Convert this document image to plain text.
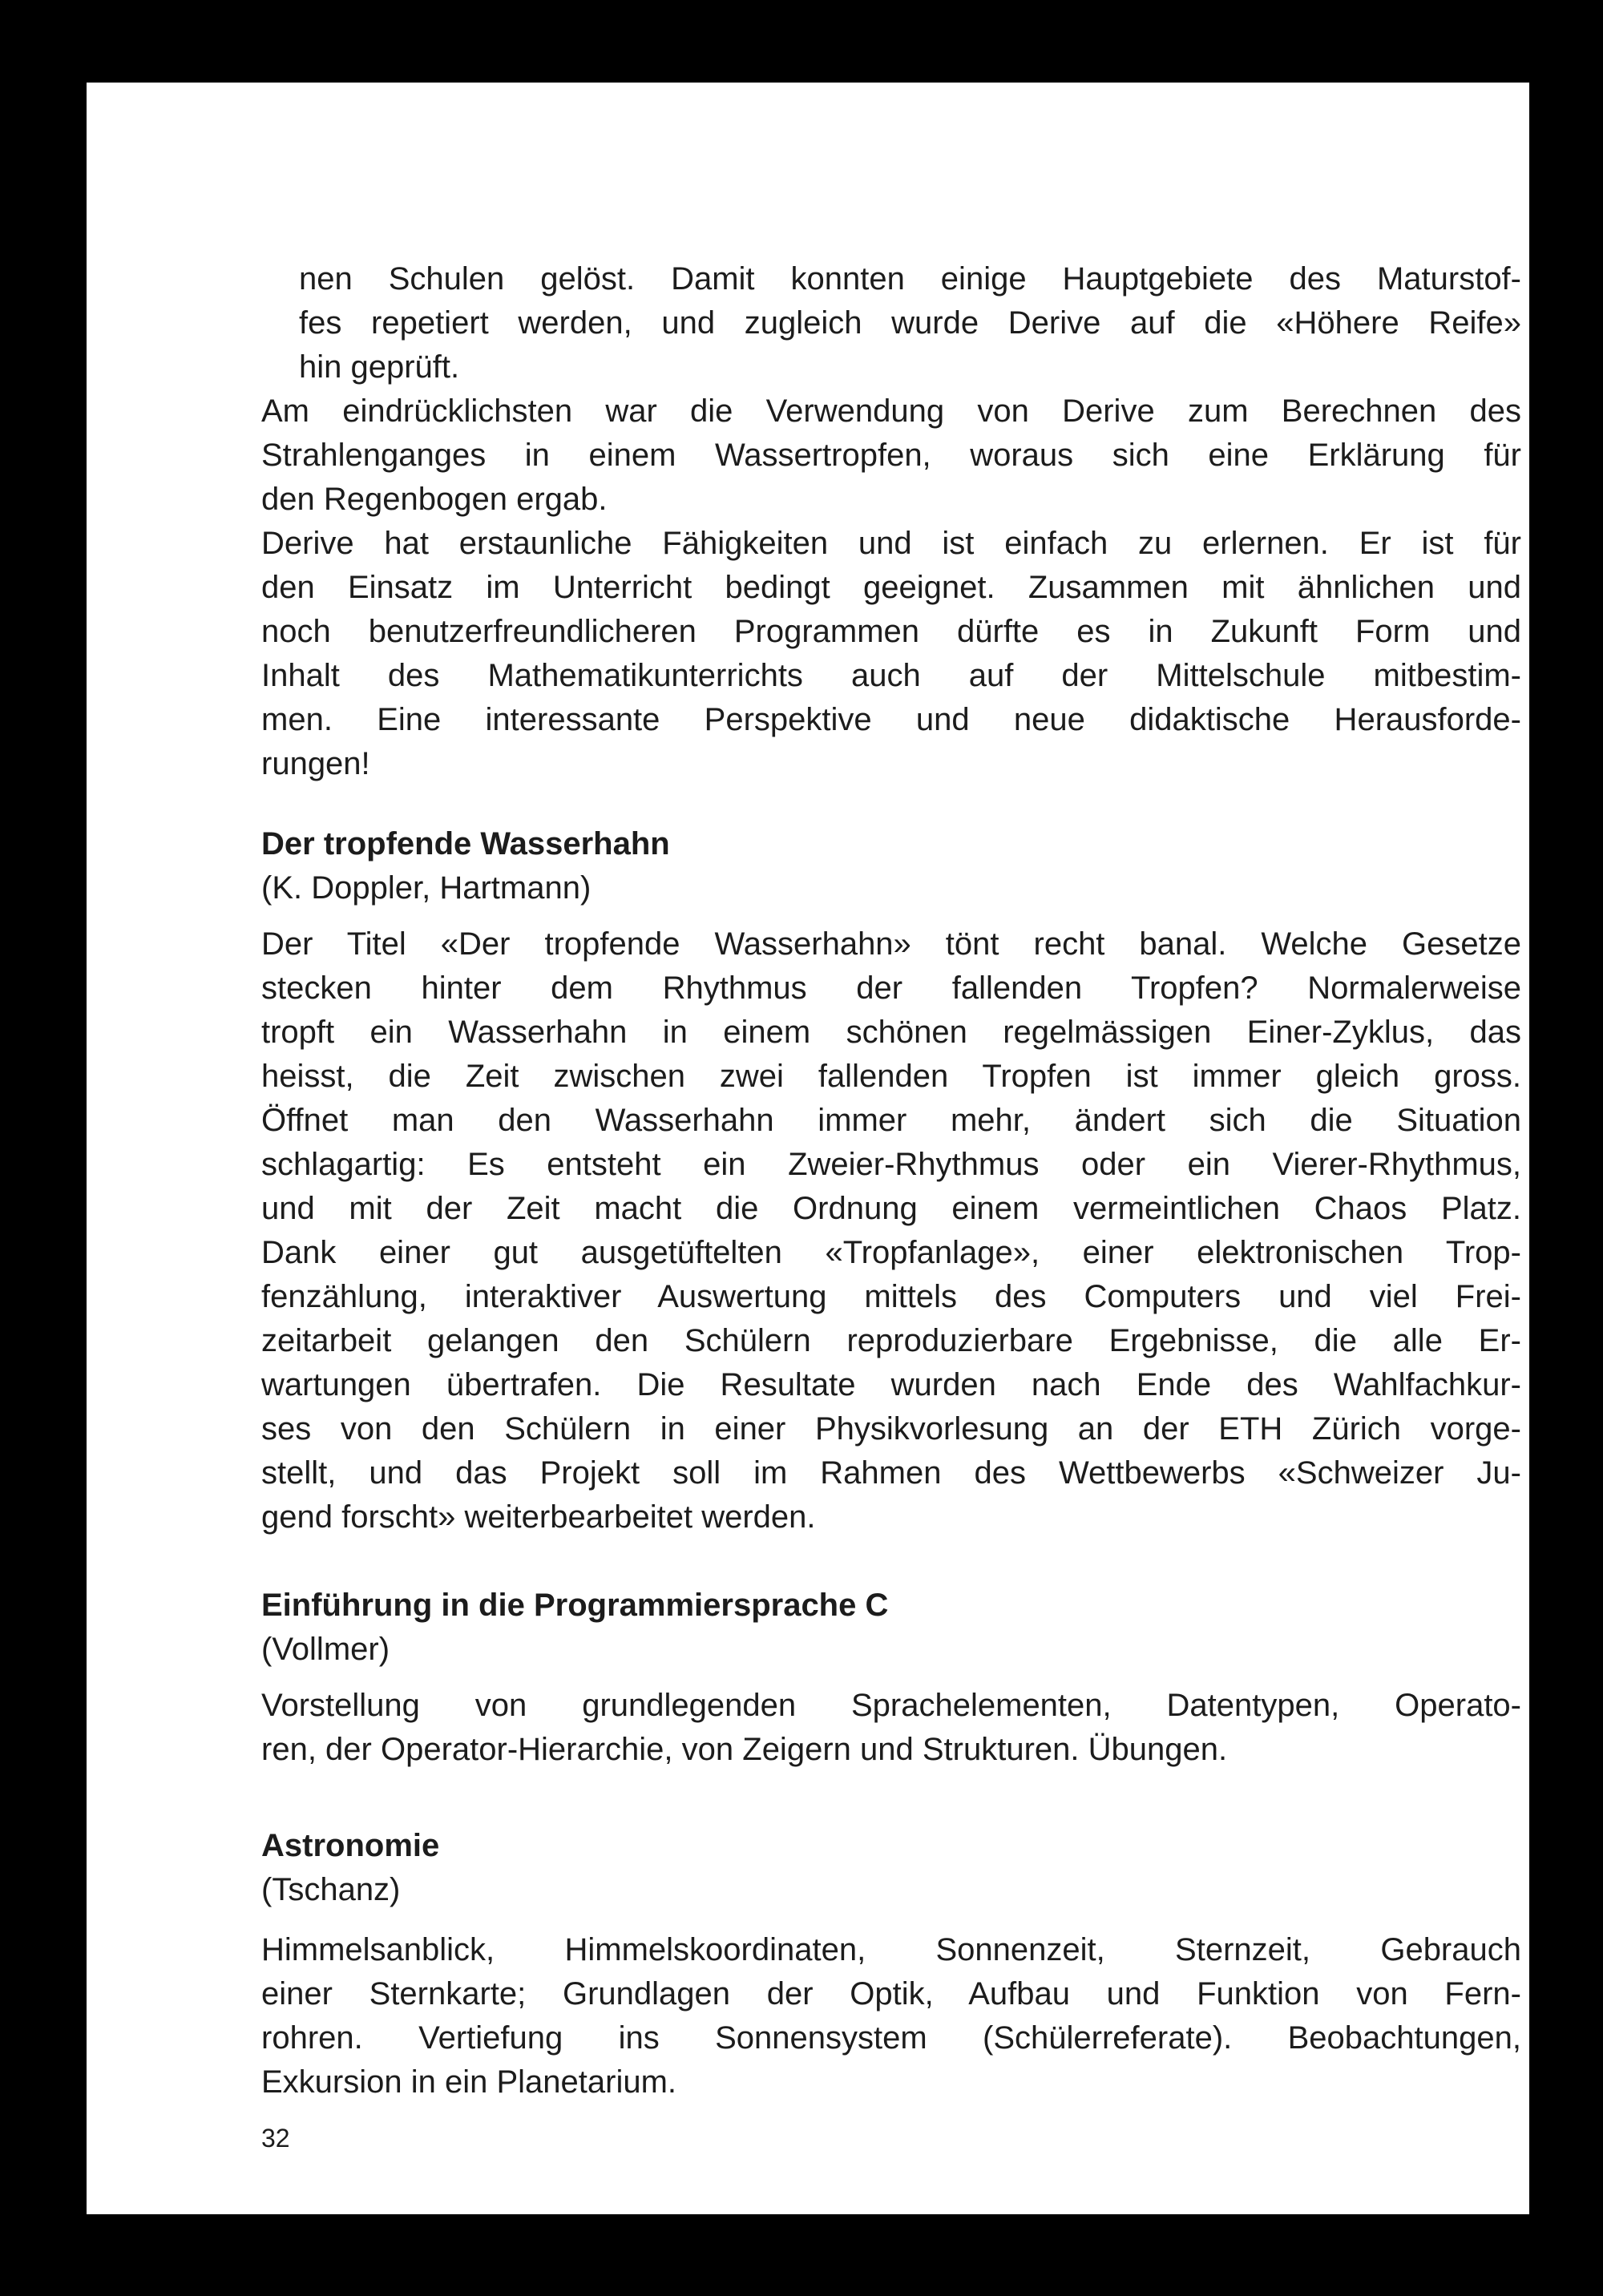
nen Schulen gelöst. Damit konnten einige Hauptgebiete des Maturstof-
fes repetiert werden, und zugleich wurde Derive auf die «Höhere Reife»
hin geprüft.
Am eindrücklichsten war die Verwendung von Derive zum Berechnen des
Strahlenganges in einem Wassertropfen, woraus sich eine Erklärung für
den Regenbogen ergab.
Derive hat erstaunliche Fähigkeiten und ist einfach zu erlernen. Er ist für
den Einsatz im Unterricht bedingt geeignet. Zusammen mit ähnlichen und
noch benutzerfreundlicheren Programmen dürfte es in Zukunft Form und
Inhalt des Mathematikunterrichts auch auf der Mittelschule mitbestim-
men. Eine interessante Perspektive und neue didaktische Herausforde-
rungen!
Der tropfende Wasserhahn
(K. Doppler, Hartmann)
Der Titel «Der tropfende Wasserhahn» tönt recht banal. Welche Gesetze
stecken hinter dem Rhythmus der fallenden Tropfen? Normalerweise
tropft ein Wasserhahn in einem schönen regelmässigen Einer-Zyklus, das
heisst, die Zeit zwischen zwei fallenden Tropfen ist immer gleich gross.
Öffnet man den Wasserhahn immer mehr, ändert sich die Situation
schlagartig: Es entsteht ein Zweier-Rhythmus oder ein Vierer-Rhythmus,
und mit der Zeit macht die Ordnung einem vermeintlichen Chaos Platz.
Dank einer gut ausgetüftelten «Tropfanlage», einer elektronischen Trop-
fenzählung, interaktiver Auswertung mittels des Computers und viel Frei-
zeitarbeit gelangen den Schülern reproduzierbare Ergebnisse, die alle Er-
wartungen übertrafen. Die Resultate wurden nach Ende des Wahlfachkur-
ses von den Schülern in einer Physikvorlesung an der ETH Zürich vorge-
stellt, und das Projekt soll im Rahmen des Wettbewerbs «Schweizer Ju-
gend forscht» weiterbearbeitet werden.
Einführung in die Programmiersprache C
(Vollmer)
Vorstellung von grundlegenden Sprachelementen, Datentypen, Operato-
ren, der Operator-Hierarchie, von Zeigern und Strukturen. Übungen.
Astronomie
(Tschanz)
Himmelsanblick, Himmelskoordinaten, Sonnenzeit, Sternzeit, Gebrauch
einer Sternkarte; Grundlagen der Optik, Aufbau und Funktion von Fern-
rohren. Vertiefung ins Sonnensystem (Schülerreferate). Beobachtungen,
Exkursion in ein Planetarium.
32
